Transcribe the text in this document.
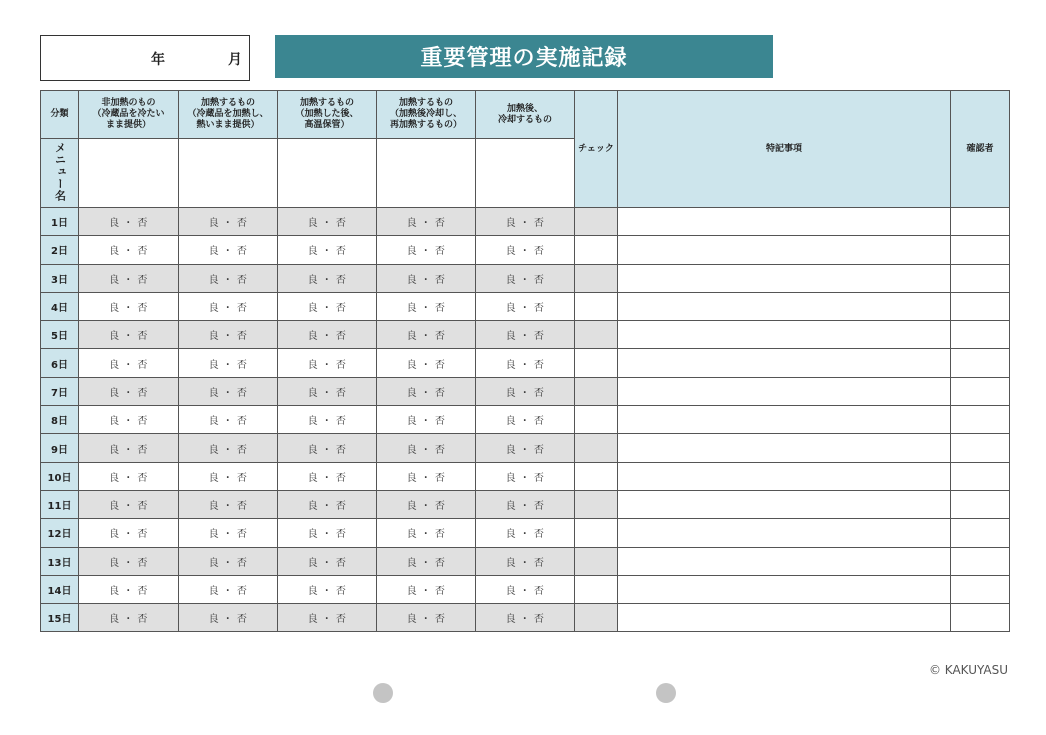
年	月	重要管理の実施記録
分類	非加熱のもの
（冷蔵品を冷たい
まま提供）	加熱するもの
（冷蔵品を加熱し、
熱いまま提供）	加熱するもの
（加熱した後、
高温保管）	加熱するもの
（加熱後冷却し、
再加熱するもの）	加熱後、
冷却するもの	チェック	特記事項	確認者
メニュー名								
1日	良 ・ 否	良 ・ 否	良 ・ 否	良 ・ 否	良 ・ 否			
2日	良 ・ 否	良 ・ 否	良 ・ 否	良 ・ 否	良 ・ 否			
3日	良 ・ 否	良 ・ 否	良 ・ 否	良 ・ 否	良 ・ 否			
4日	良 ・ 否	良 ・ 否	良 ・ 否	良 ・ 否	良 ・ 否			
5日	良 ・ 否	良 ・ 否	良 ・ 否	良 ・ 否	良 ・ 否			
6日	良 ・ 否	良 ・ 否	良 ・ 否	良 ・ 否	良 ・ 否			
7日	良 ・ 否	良 ・ 否	良 ・ 否	良 ・ 否	良 ・ 否			
8日	良 ・ 否	良 ・ 否	良 ・ 否	良 ・ 否	良 ・ 否			
9日	良 ・ 否	良 ・ 否	良 ・ 否	良 ・ 否	良 ・ 否			
10日	良 ・ 否	良 ・ 否	良 ・ 否	良 ・ 否	良 ・ 否			
11日	良 ・ 否	良 ・ 否	良 ・ 否	良 ・ 否	良 ・ 否			
12日	良 ・ 否	良 ・ 否	良 ・ 否	良 ・ 否	良 ・ 否			
13日	良 ・ 否	良 ・ 否	良 ・ 否	良 ・ 否	良 ・ 否			
14日	良 ・ 否	良 ・ 否	良 ・ 否	良 ・ 否	良 ・ 否			
15日	良 ・ 否	良 ・ 否	良 ・ 否	良 ・ 否	良 ・ 否			
© KAKUYASU
